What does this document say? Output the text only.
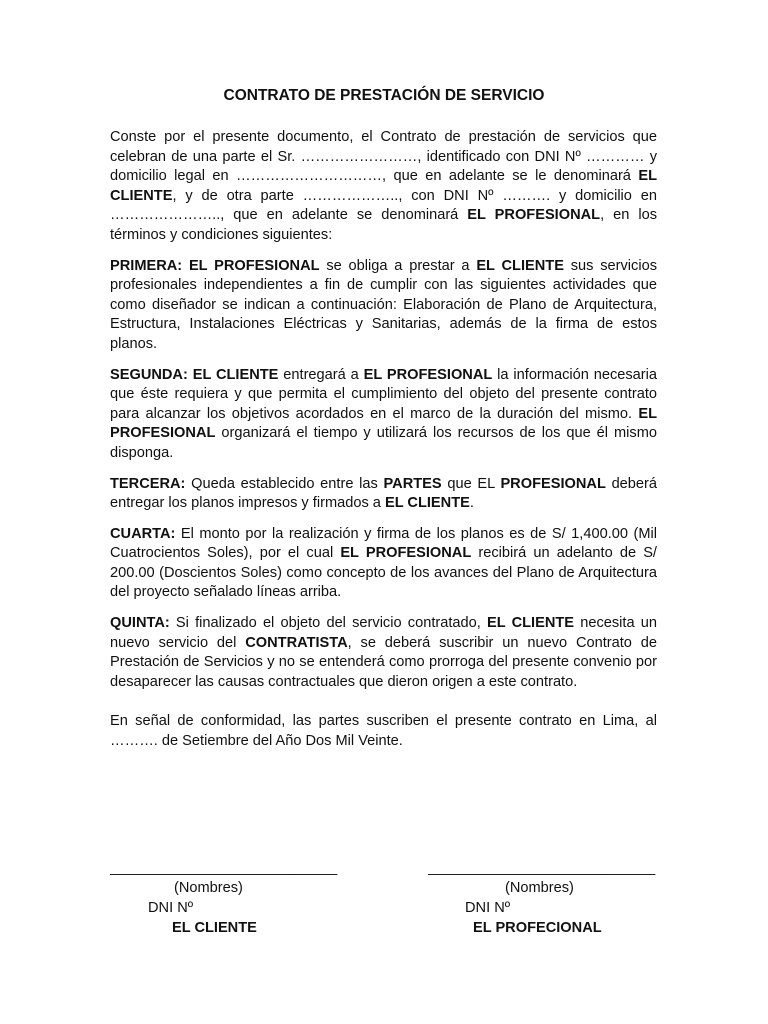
CONTRATO DE PRESTACIÓN DE SERVICIO

Conste por el presente documento, el Contrato de prestación de servicios que celebran de una parte el Sr. ……………………, identificado con DNI Nº ………… y domicilio legal en …………………………, que en adelante se le denominará EL CLIENTE, y de otra parte ……………….., con DNI Nº ………. y domicilio en ………………….., que en adelante se denominará EL PROFESIONAL, en los términos y condiciones siguientes:

PRIMERA: EL PROFESIONAL se obliga a prestar a EL CLIENTE sus servicios profesionales independientes a fin de cumplir con las siguientes actividades que como diseñador se indican a continuación: Elaboración de Plano de Arquitectura, Estructura, Instalaciones Eléctricas y Sanitarias, además de la firma de estos planos.

SEGUNDA: EL CLIENTE entregará a EL PROFESIONAL la información necesaria que éste requiera y que permita el cumplimiento del objeto del presente contrato para alcanzar los objetivos acordados en el marco de la duración del mismo. EL PROFESIONAL organizará el tiempo y utilizará los recursos de los que él mismo disponga.

TERCERA: Queda establecido entre las PARTES que EL PROFESIONAL deberá entregar los planos impresos y firmados a EL CLIENTE.

CUARTA: El monto por la realización y firma de los planos es de S/ 1,400.00 (Mil Cuatrocientos Soles), por el cual EL PROFESIONAL recibirá un adelanto de S/ 200.00 (Doscientos Soles) como concepto de los avances del Plano de Arquitectura del proyecto señalado líneas arriba.

QUINTA: Si finalizado el objeto del servicio contratado, EL CLIENTE necesita un nuevo servicio del CONTRATISTA, se deberá suscribir un nuevo Contrato de Prestación de Servicios y no se entenderá como prorroga del presente convenio por desaparecer las causas contractuales que dieron origen a este contrato.

En señal de conformidad, las partes suscriben el presente contrato en Lima, al ………. de Setiembre del Año Dos Mil Veinte.

____________________________
(Nombres)
DNI Nº
EL CLIENTE
____________________________
(Nombres)
DNI Nº
EL PROFECIONAL
